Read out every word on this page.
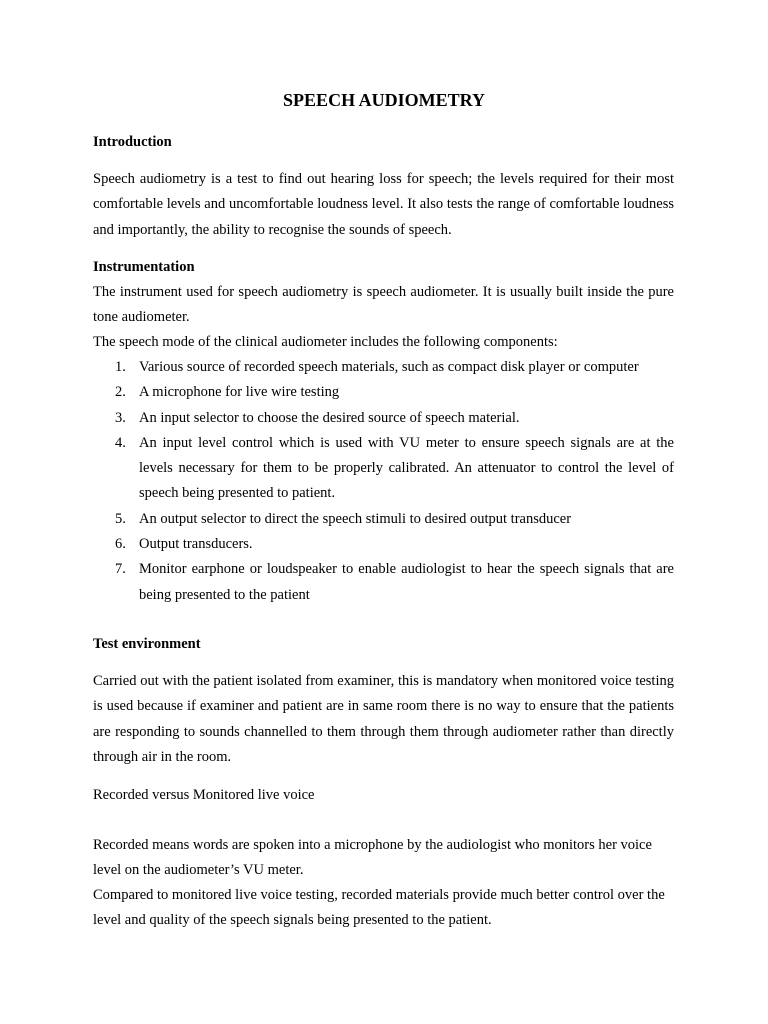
SPEECH AUDIOMETRY
Introduction

Speech audiometry is a test to find out hearing loss for speech; the levels required for their most comfortable levels and uncomfortable loudness level. It also tests the range of comfortable loudness and importantly, the ability to recognise the sounds of speech.

Instrumentation

The instrument used for speech audiometry is speech audiometer. It is usually built inside the pure tone audiometer.

The speech mode of the clinical audiometer includes the following components:

1. Various source of recorded speech materials, such as compact disk player or computer
2. A microphone for live wire testing
3. An input selector to choose the desired source of speech material.
4. An input level control which is used with VU meter to ensure speech signals are at the levels necessary for them to be properly calibrated. An attenuator to control the level of speech being presented to patient.
5. An output selector to direct the speech stimuli to desired output transducer
6. Output transducers.
7. Monitor earphone or loudspeaker to enable audiologist to hear the speech signals that are being presented to the patient
Test environment

Carried out with the patient isolated from examiner, this is mandatory when monitored voice testing is used because if examiner and patient are in same room there is no way to ensure that the patients are responding to sounds channelled to them through them through audiometer rather than directly through air in the room.

Recorded versus Monitored live voice

Recorded means words are spoken into a microphone by the audiologist who monitors her voice level on the audiometer’s VU meter.

Compared to monitored live voice testing, recorded materials provide much better control over the level and quality of the speech signals being presented to the patient.
